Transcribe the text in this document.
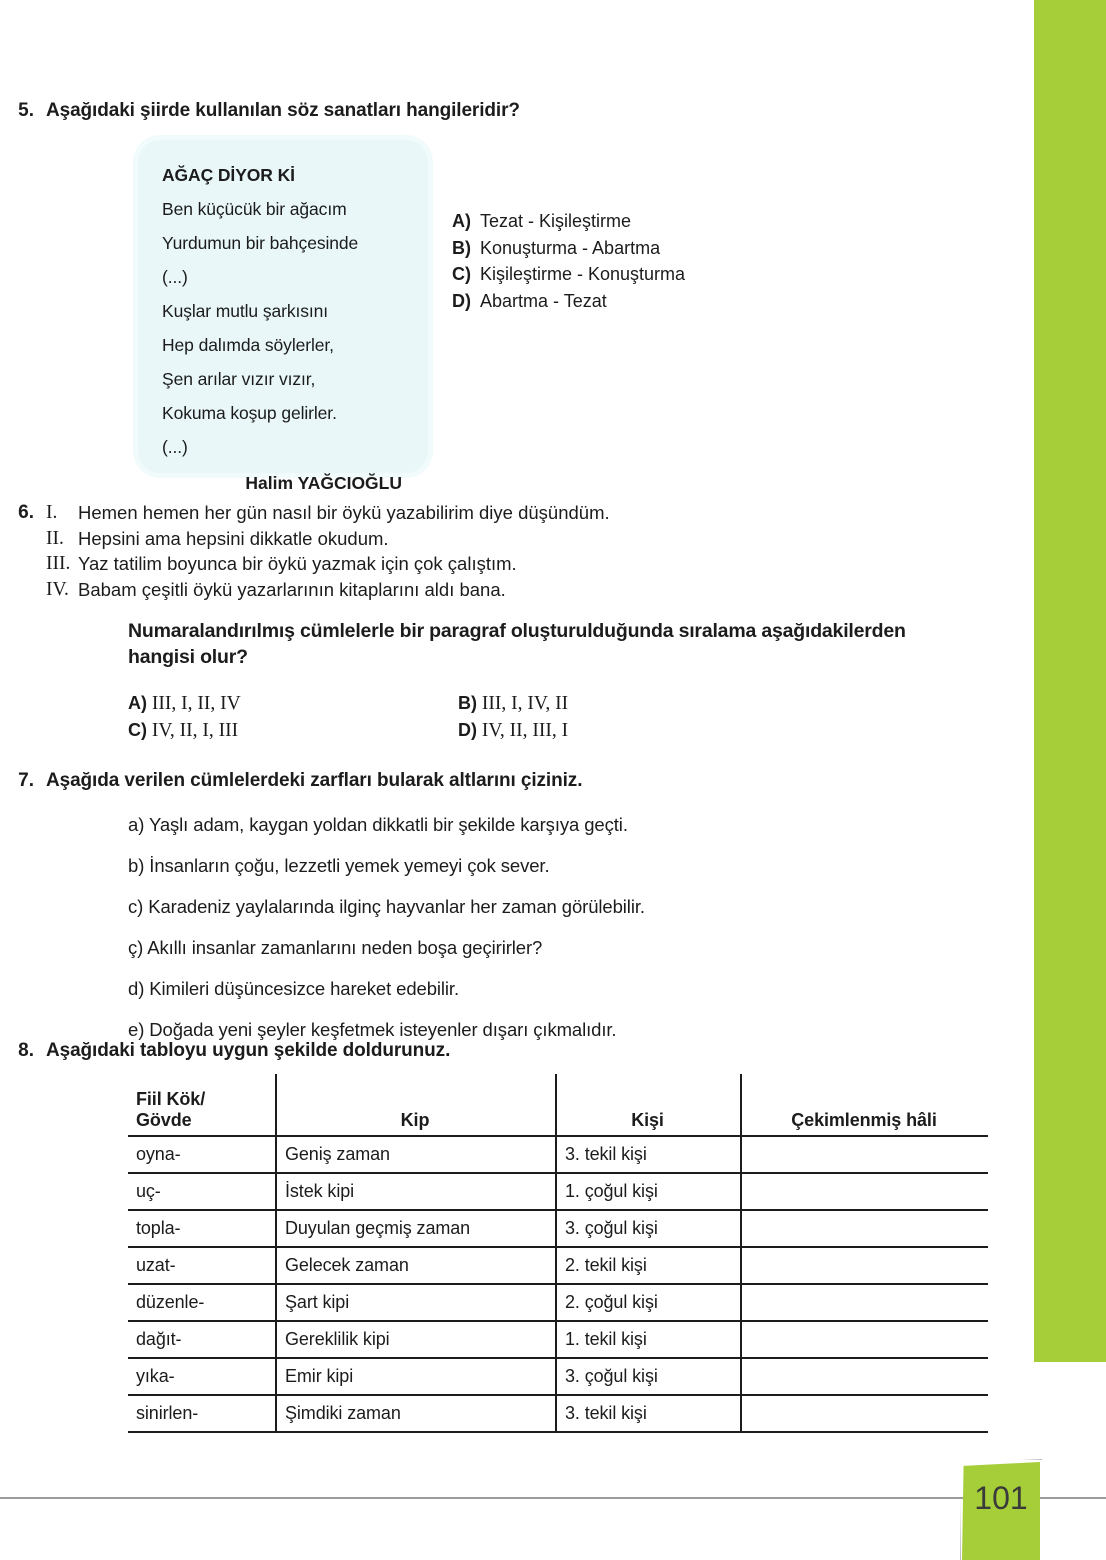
5. Aşağıdaki şiirde kullanılan söz sanatları hangileridir?
AĞAÇ DİYOR Kİ
Ben küçücük bir ağacım
Yurdumun bir bahçesinde
(...)
Kuşlar mutlu şarkısını
Hep dalımda söylerler,
Şen arılar vızır vızır,
Kokuma koşup gelirler.
(...)
Halim YAĞCIOĞLU
A) Tezat - Kişileştirme
B) Konuşturma - Abartma
C) Kişileştirme - Konuşturma
D) Abartma - Tezat
6. I.	Hemen hemen her gün nasıl bir öykü yazabilirim diye düşündüm.
II. Hepsini ama hepsini dikkatle okudum.
III. Yaz tatilim boyunca bir öykü yazmak için çok çalıştım.
IV. Babam çeşitli öykü yazarlarının kitaplarını aldı bana.
Numaralandırılmış cümlelerle bir paragraf oluşturulduğunda sıralama aşağıdakilerden hangisi olur?
A) III, I, II, IV	B) III, I, IV, II
C) IV, II, I, III	D) IV, II, III, I
7. Aşağıda verilen cümlelerdeki zarfları bularak altlarını çiziniz.
a) Yaşlı adam, kaygan yoldan dikkatli bir şekilde karşıya geçti.
b) İnsanların çoğu, lezzetli yemek yemeyi çok sever.
c) Karadeniz yaylalarında ilginç hayvanlar her zaman görülebilir.
ç) Akıllı insanlar zamanlarını neden boşa geçirirler?
d) Kimileri düşüncesizce hareket edebilir.
e) Doğada yeni şeyler keşfetmek isteyenler dışarı çıkmalıdır.
8. Aşağıdaki tabloyu uygun şekilde doldurunuz.
Fiil Kök/
Gövde	Kip	Kişi	Çekimlenmiş hâli
oyna-	Geniş zaman	3. tekil kişi	
uç-	İstek kipi	1. çoğul kişi	
topla-	Duyulan geçmiş zaman	3. çoğul kişi	
uzat-	Gelecek zaman	2. tekil kişi	
düzenle-	Şart kipi	2. çoğul kişi	
dağıt-	Gereklilik kipi	1. tekil kişi	
yıka-	Emir kipi	3. çoğul kişi	
sinirlen-	Şimdiki zaman	3. tekil kişi	
101
